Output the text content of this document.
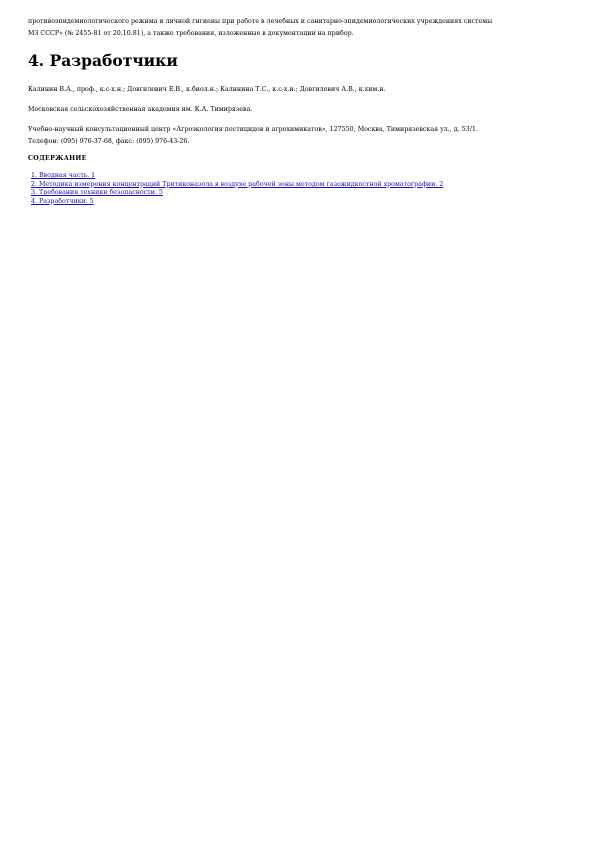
противоэпидемиологического режима и личной гигиены при работе в лечебных и санитарно-эпидемиологических учреждениях системы
МЗ СССР» (№ 2455-81 от 20.10.81), а также требования, изложенные в документации на прибор.

4. Разработчики

Калинин В.А., проф., к.с-х.н.; Довгилевич Е.В., к.биол.н.; Калинина Т.С., к.с-х.н.; Довгилевич А.В., к.хим.н.

Московская сельскохозяйственная академия им. К.А. Тимирязева.

Учебно-научный консультационный центр «Агроэкология пестицидов и агрохимикатов», 127550, Москва, Тимирязевская ул., д. 53/1.
Телефон: (095) 976-37-68, факс: (095) 976-43-26.

СОДЕРЖАНИЕ

1. Вводная часть. 1
2. Методика измерения концентраций Тритиконазола в воздухе рабочей зоны методом газожидкостной хроматографии. 2
3. Требования техники безопасности. 5
4. Разработчики. 5
